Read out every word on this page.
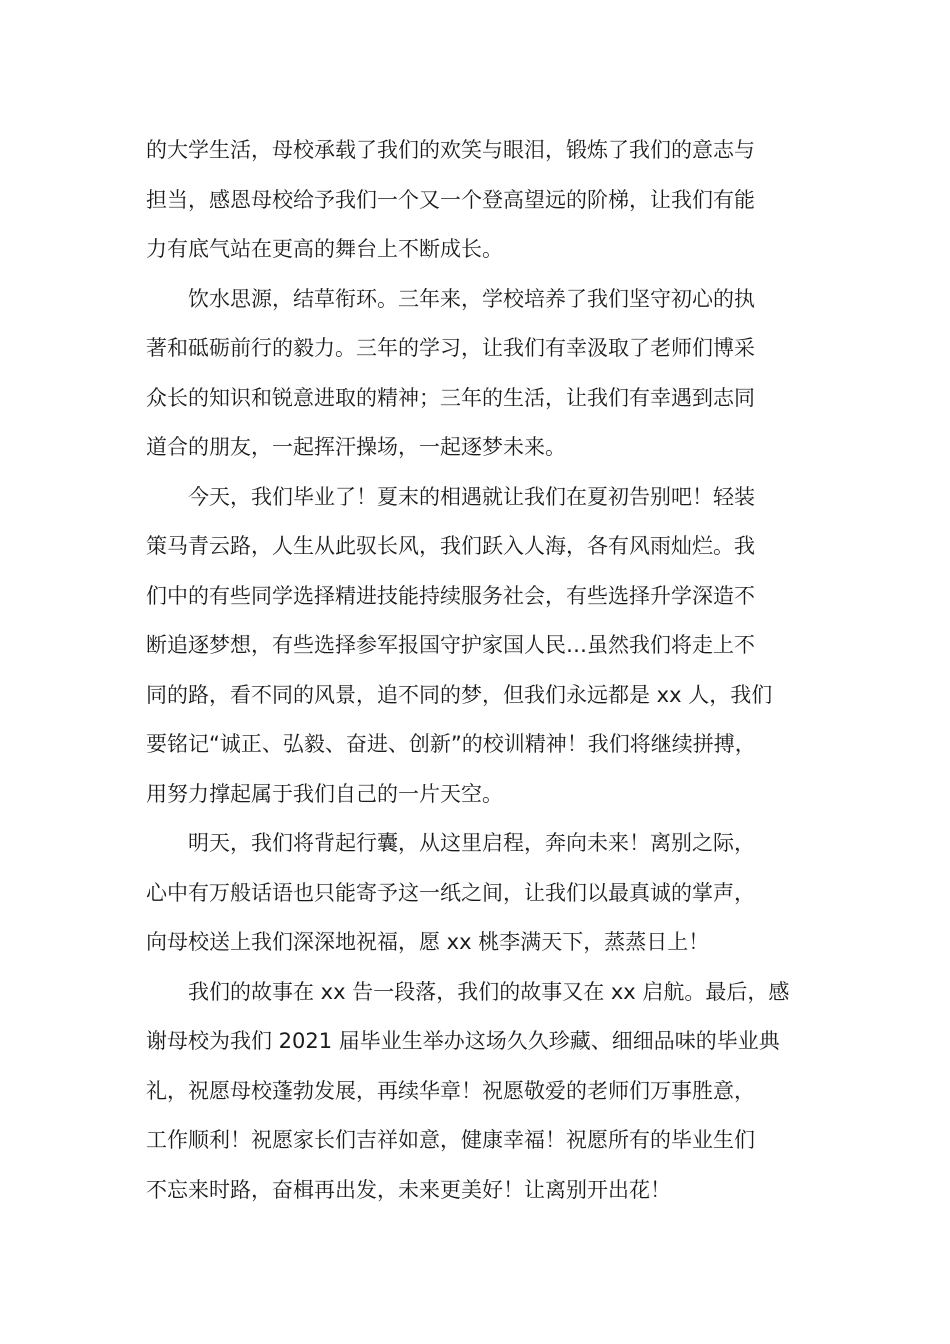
的大学生活，母校承载了我们的欢笑与眼泪，锻炼了我们的意志与
担当，感恩母校给予我们一个又一个登高望远的阶梯，让我们有能
力有底气站在更高的舞台上不断成长。
　　饮水思源，结草衔环。三年来，学校培养了我们坚守初心的执
著和砥砺前行的毅力。三年的学习，让我们有幸汲取了老师们博采
众长的知识和锐意进取的精神；三年的生活，让我们有幸遇到志同
道合的朋友，一起挥汗操场，一起逐梦未来。
　　今天，我们毕业了！夏末的相遇就让我们在夏初告别吧！轻装
策马青云路，人生从此驭长风，我们跃入人海，各有风雨灿烂。我
们中的有些同学选择精进技能持续服务社会，有些选择升学深造不
断追逐梦想，有些选择参军报国守护家国人民…虽然我们将走上不
同的路，看不同的风景，追不同的梦，但我们永远都是 xx 人，我们
要铭记“诚正、弘毅、奋进、创新”的校训精神！我们将继续拼搏，
用努力撑起属于我们自己的一片天空。
　　明天，我们将背起行囊，从这里启程，奔向未来！离别之际，
心中有万般话语也只能寄予这一纸之间，让我们以最真诚的掌声，
向母校送上我们深深地祝福，愿 xx 桃李满天下，蒸蒸日上！
　　我们的故事在 xx 告一段落，我们的故事又在 xx 启航。最后，感
谢母校为我们 2021 届毕业生举办这场久久珍藏、细细品味的毕业典
礼，祝愿母校蓬勃发展，再续华章！祝愿敬爱的老师们万事胜意，
工作顺利！祝愿家长们吉祥如意，健康幸福！祝愿所有的毕业生们
不忘来时路，奋楫再出发，未来更美好！让离别开出花！
